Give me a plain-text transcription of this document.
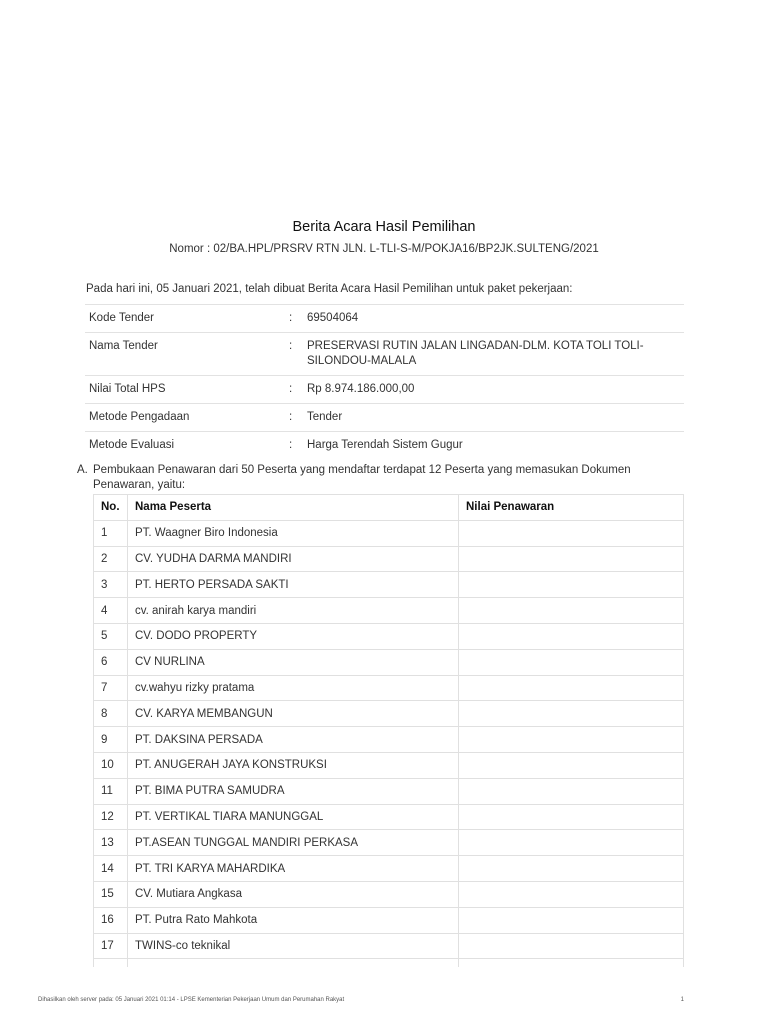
Berita Acara Hasil Pemilihan
Nomor : 02/BA.HPL/PRSRV RTN JLN. L-TLI-S-M/POKJA16/BP2JK.SULTENG/2021
Pada hari ini, 05 Januari 2021, telah dibuat Berita Acara Hasil Pemilihan untuk paket pekerjaan:
Kode Tender	:	69504064
Nama Tender	:	PRESERVASI RUTIN JALAN LINGADAN-DLM. KOTA TOLI TOLI-SILONDOU-MALALA
Nilai Total HPS	:	Rp 8.974.186.000,00
Metode Pengadaan	:	Tender
Metode Evaluasi	:	Harga Terendah Sistem Gugur
A. Pembukaan Penawaran dari 50 Peserta yang mendaftar terdapat 12 Peserta yang memasukan Dokumen
Penawaran, yaitu:
No.	Nama Peserta	Nilai Penawaran
1	PT. Waagner Biro Indonesia	
2	CV. YUDHA DARMA MANDIRI	
3	PT. HERTO PERSADA SAKTI	
4	cv. anirah karya mandiri	
5	CV. DODO PROPERTY	
6	CV NURLINA	
7	cv.wahyu rizky pratama	
8	CV. KARYA MEMBANGUN	
9	PT. DAKSINA PERSADA	
10	PT. ANUGERAH JAYA KONSTRUKSI	
11	PT. BIMA PUTRA SAMUDRA	
12	PT. VERTIKAL TIARA MANUNGGAL	
13	PT.ASEAN TUNGGAL MANDIRI PERKASA	
14	PT. TRI KARYA MAHARDIKA	
15	CV. Mutiara Angkasa	
16	PT. Putra Rato Mahkota	
17	TWINS-co teknikal	

Dihasilkan oleh server pada: 05 Januari 2021 01:14 - LPSE Kementerian Pekerjaan Umum dan Perumahan Rakyat	1
